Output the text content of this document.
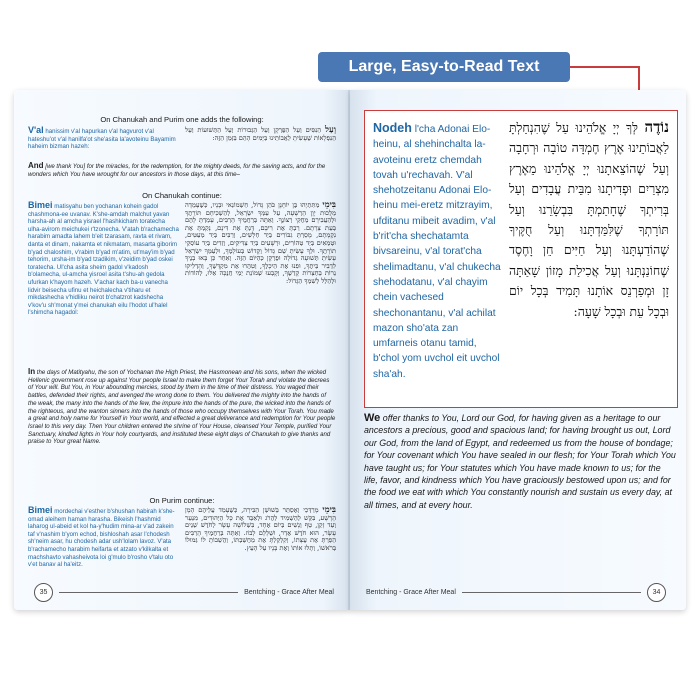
Large, Easy-to-Read Text
On Chanukah and Purim one adds the following:
V'al hanissim v'al hapurkan v'al hagvurot v'al hateshu'ot v'al hanilfa'ot she'asita la'avoteinu Bayamim haheim bizman hazeh:
וְעַל הַנִּסִּים וְעַל הַפֻּרְקָן וְעַל הַגְּבוּרוֹת וְעַל הַתְּשׁוּעוֹת וְעַל הַנִּפְלָאוֹת שֶׁעָשִׂיתָ לַאֲבוֹתֵינוּ בַּיָּמִים הָהֵם בַּזְּמַן הַזֶּה:
And [we thank You] for the miracles, for the redemption, for the mighty deeds, for the saving acts, and for the wonders which You have wrought for our ancestors in those days, at this time–
On Chanukah continue:
Bimei matisyahu ben yochanan kohein gadol chashmona-ee uvanav. K'she-amdah malchut yavan harsha-ah al amcha yisrael l'hashkicham toratecha ulha-avirom meichukei r'tzonecha. V'atah b'rachamecha harabim amadta lahem b'eit tzarasam, ravta et rivam, danta et dinam, nakamta et nikmatam, masarta giborim b'yad chaloshim, v'rabim b'yad m'atim, ut'may'im b'yad tehorim, ursha-im b'yad tzadikim, v'zeidim b'yad oskei toratecha. Ul'cha asita sheim gadol v'kadosh b'olamecha, ul-amcha yisroel asita t'shu-ah gedola ufurkan k'hayom hazeh. V'achar kach ba-u vanecha lidvir beisecha ufinu et heichalecha v'tiharu et mikdashecha v'hidliku neirot b'chatzrot kadshecha v'kov'u sh'monat y'mei chanukah eilu l'hodot ul'halel l'shimcha hagadol:
בִּימֵי מַתִּתְיָהוּ בֶּן יוֹחָנָן כֹּהֵן גָּדוֹל, חַשְׁמוֹנַאי וּבָנָיו, כְּשֶׁעָמְדָה מַלְכוּת יָוָן הָרְשָׁעָה, עַל עַמְּךָ יִשְׂרָאֵל, לְהַשְׁכִּיחָם תּוֹרָתֶךָ וּלְהַעֲבִירָם מֵחֻקֵּי רְצוֹנֶךָ. וְאַתָּה בְּרַחֲמֶיךָ הָרַבִּים, עָמַדְתָּ לָהֶם בְּעֵת צָרָתָם. רַבְתָּ אֶת רִיבָם, דַּנְתָּ אֶת דִּינָם, נָקַמְתָּ אֶת נִקְמָתָם, מָסַרְתָּ גִבּוֹרִים בְּיַד חַלָּשִׁים, וְרַבִּים בְּיַד מְעַטִּים, וּטְמֵאִים בְּיַד טְהוֹרִים, וּרְשָׁעִים בְּיַד צַדִּיקִים, וְזֵדִים בְּיַד עוֹסְקֵי תוֹרָתֶךָ. וּלְךָ עָשִׂיתָ שֵׁם גָּדוֹל וְקָדוֹשׁ בְּעוֹלָמֶךָ, וּלְעַמְּךָ יִשְׂרָאֵל עָשִׂיתָ תְּשׁוּעָה גְדוֹלָה וּפֻרְקָן כְּהַיּוֹם הַזֶּה. וְאַחַר כֵּן בָּאוּ בָנֶיךָ לִדְבִיר בֵּיתֶךָ, וּפִנּוּ אֶת הֵיכָלֶךָ, וְטִהֲרוּ אֶת מִקְדָּשֶׁךָ, וְהִדְלִיקוּ נֵרוֹת בְּחַצְרוֹת קָדְשֶׁךָ, וְקָבְעוּ שְׁמוֹנַת יְמֵי חֲנֻכָּה אֵלּוּ, לְהוֹדוֹת וּלְהַלֵּל לְשִׁמְךָ הַגָּדוֹל:
In the days of Matityahu, the son of Yochanan the High Priest, the Hasmonean and his sons, when the wicked Hellenic government rose up against Your people Israel to make them forget Your Torah and violate the decrees of Your will. But You, in Your abounding mercies, stood by them in the time of their distress. You waged their battles, defended their rights, and avenged the wrong done to them. You delivered the mighty into the hands of the weak, the many into the hands of the few, the impure into the hands of the pure, the wicked into the hands of the righteous, and the wanton sinners into the hands of those who occupy themselves with Your Torah. You made a great and holy name for Yourself in Your world, and effected a great deliverance and redemption for Your people Israel to this very day. Then Your children entered the shrine of Your House, cleansed Your Temple, purified Your Sanctuary, kindled lights in Your holy courtyards, and instituted these eight days of Chanukah to give thanks and praise to Your great Name.
On Purim continue:
Bimei mordechai v'esther b'shushan habirah k'she-omad aleihem haman harasha. Bikeish l'hashmid laharog ul-abeid et kol ha-y'hudim mina-ar v'ad zakein taf v'nashim b'yom echod, bishloshah asar l'chodesh sh'neim asar, hu chodesh adar ush'lolam lavoz. V'ata b'rachamecho harabim heifarta et atzato v'kilkalta et machshavto vahasheivota loi g'mulo b'rosho v'talu oto v'et banav al ha'eitz.
בִּימֵי מָרְדְּכַי וְאֶסְתֵּר בְּשׁוּשַׁן הַבִּירָה, כְּשֶׁעָמַד עֲלֵיהֶם הָמָן הָרָשָׁע, בִּקֵּשׁ לְהַשְׁמִיד לַהֲרֹג וּלְאַבֵּד אֶת כָּל הַיְּהוּדִים, מִנַּעַר וְעַד זָקֵן, טַף וְנָשִׁים בְּיוֹם אֶחָד, בִּשְׁלוֹשָׁה עָשָׂר לְחֹדֶשׁ שְׁנֵים עָשָׂר, הוּא חֹדֶשׁ אֲדָר, וּשְׁלָלָם לָבוֹז. וְאַתָּה בְּרַחֲמֶיךָ הָרַבִּים הֵפַרְתָּ אֶת עֲצָתוֹ, וְקִלְקַלְתָּ אֶת מַחֲשַׁבְתּוֹ, וַהֲשֵׁבוֹתָ לּוֹ גְּמוּלוֹ בְּרֹאשׁוֹ, וְתָלוּ אוֹתוֹ וְאֶת בָּנָיו עַל הָעֵץ.
35	Bentching - Grace After Meal	Bentching - Grace After Meal	34
Nodeh l'cha Adonai Elo-heinu, al shehinchalta la-avoteinu eretz chemdah tovah u'rechavah. V'al shehotzeitanu Adonai Elo-heinu mei-eretz mitzrayim, ufditanu mibeit avadim, v'al b'rit'cha shechatamta bivsareinu, v'al torat'cha shelimadtanu, v'al chukecha shehodatanu, v'al chayim chein vachesed shechonantanu, v'al achilat mazon sho'ata zan umfarneis otanu tamid, b'chol yom uvchol eit uvchol sha'ah.
נוֹדֶה לְּךָ יְיָ אֱלֹהֵינוּ עַל שֶׁהִנְחַלְתָּ לַאֲבוֹתֵינוּ אֶרֶץ חֶמְדָּה טוֹבָה וּרְחָבָה וְעַל שֶׁהוֹצֵאתָנוּ יְיָ אֱלֹהֵינוּ מֵאֶרֶץ מִצְרַיִם וּפְדִיתָנוּ מִבֵּית עֲבָדִים וְעַל בְּרִיתְךָ שֶׁחָתַמְתָּ בִּבְשָׂרֵנוּ וְעַל תּוֹרָתְךָ שֶׁלִּמַּדְתָּנוּ וְעַל חֻקֶּיךָ שֶׁהוֹדַעְתָּנוּ וְעַל חַיִּים חֵן וָחֶסֶד שֶׁחוֹנַנְתָּנוּ וְעַל אֲכִילַת מָזוֹן שָׁאַתָּה זָן וּמְפַרְנֵס אוֹתָנוּ תָּמִיד בְּכָל יוֹם וּבְכָל עֵת וּבְכָל שָׁעָה:
We offer thanks to You, Lord our God, for having given as a heritage to our ancestors a precious, good and spacious land; for having brought us out, Lord our God, from the land of Egypt, and redeemed us from the house of bondage; for Your covenant which You have sealed in our flesh; for Your Torah which You have taught us; for Your statutes which You have made known to us; for the life, favor, and kindness which You have graciously bestowed upon us; and for the food we eat with which You constantly nourish and sustain us every day, at all times, and at every hour.
